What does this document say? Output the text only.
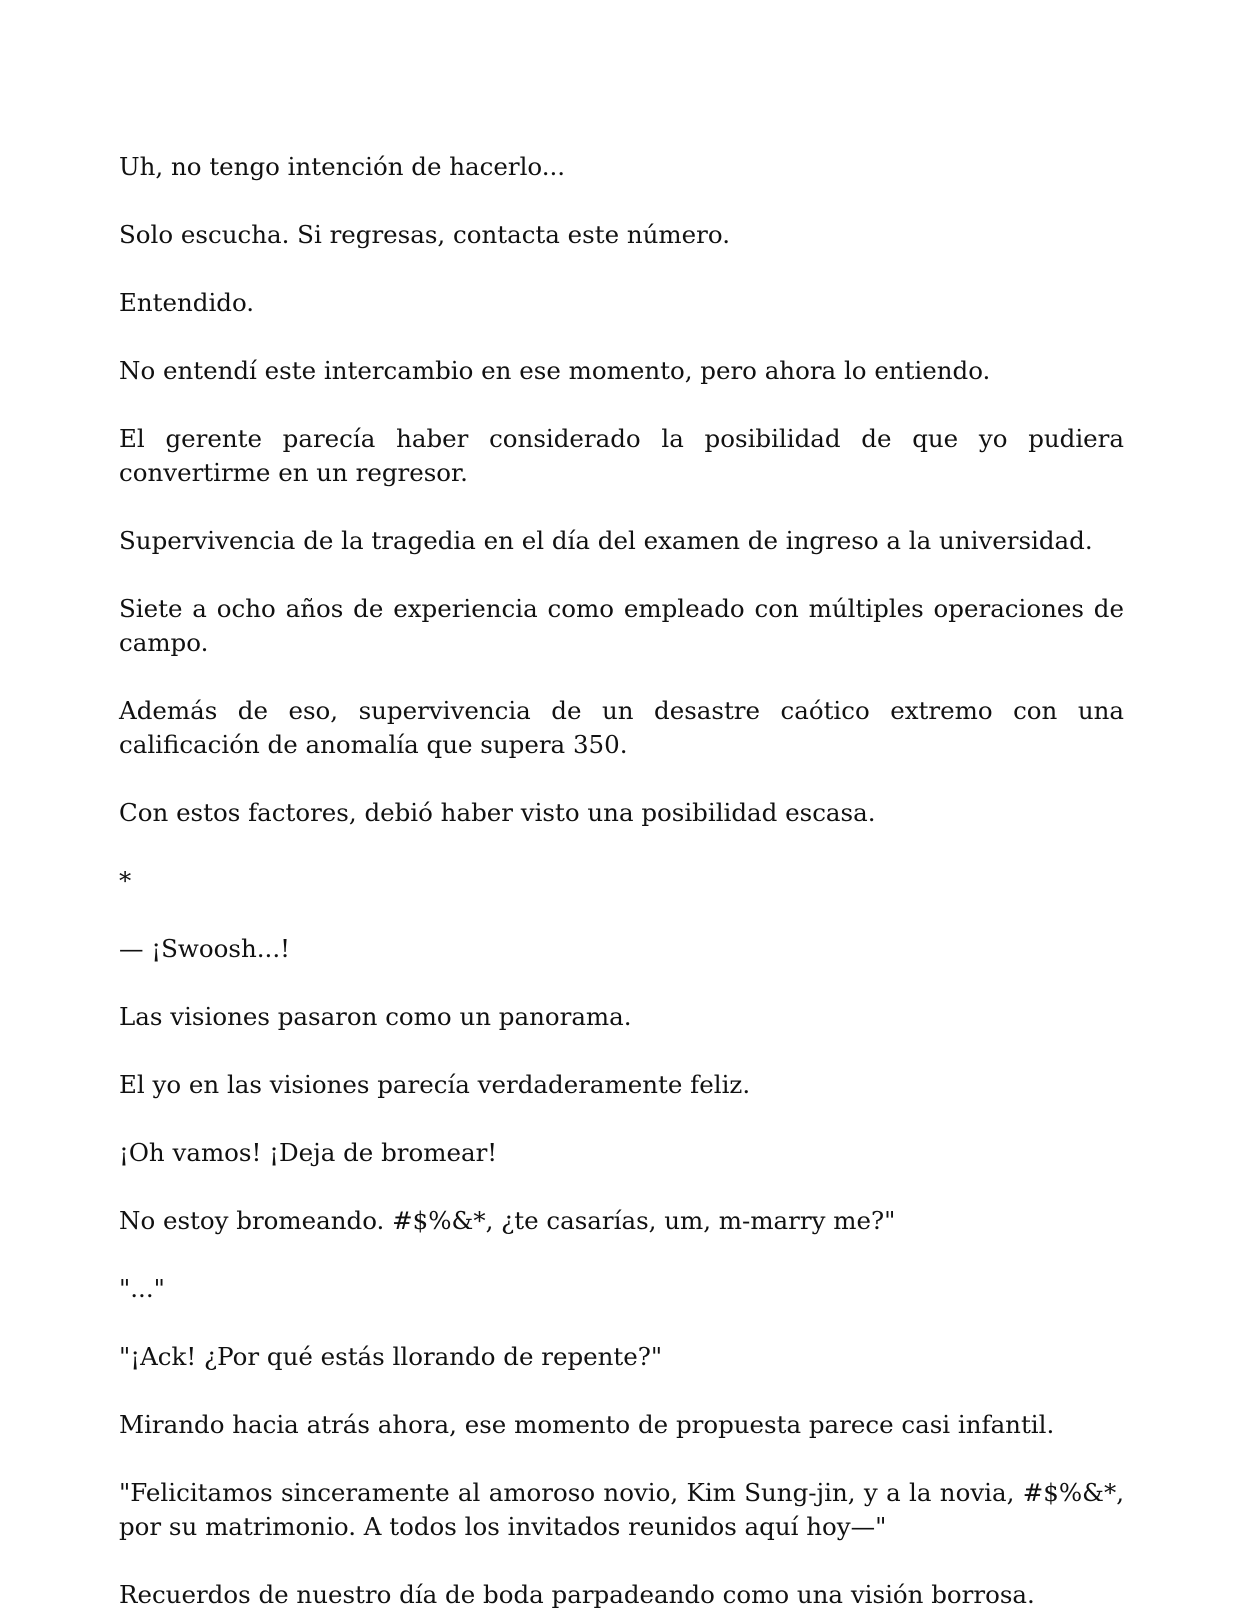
Uh, no tengo intención de hacerlo...

Solo escucha. Si regresas, contacta este número.

Entendido.

No entendí este intercambio en ese momento, pero ahora lo entiendo.

El gerente parecía haber considerado la posibilidad de que yo pudiera convertirme en un regresor.

Supervivencia de la tragedia en el día del examen de ingreso a la universidad.

Siete a ocho años de experiencia como empleado con múltiples operaciones de campo.

Además de eso, supervivencia de un desastre caótico extremo con una calificación de anomalía que supera 350.

Con estos factores, debió haber visto una posibilidad escasa.

*

— ¡Swoosh...!

Las visiones pasaron como un panorama.

El yo en las visiones parecía verdaderamente feliz.

¡Oh vamos! ¡Deja de bromear!

No estoy bromeando. #$%&*, ¿te casarías, um, m-marry me?"

"..."

"¡Ack! ¿Por qué estás llorando de repente?"

Mirando hacia atrás ahora, ese momento de propuesta parece casi infantil.

"Felicitamos sinceramente al amoroso novio, Kim Sung-jin, y a la novia, #$%&*, por su matrimonio. A todos los invitados reunidos aquí hoy—"

Recuerdos de nuestro día de boda parpadeando como una visión borrosa.
